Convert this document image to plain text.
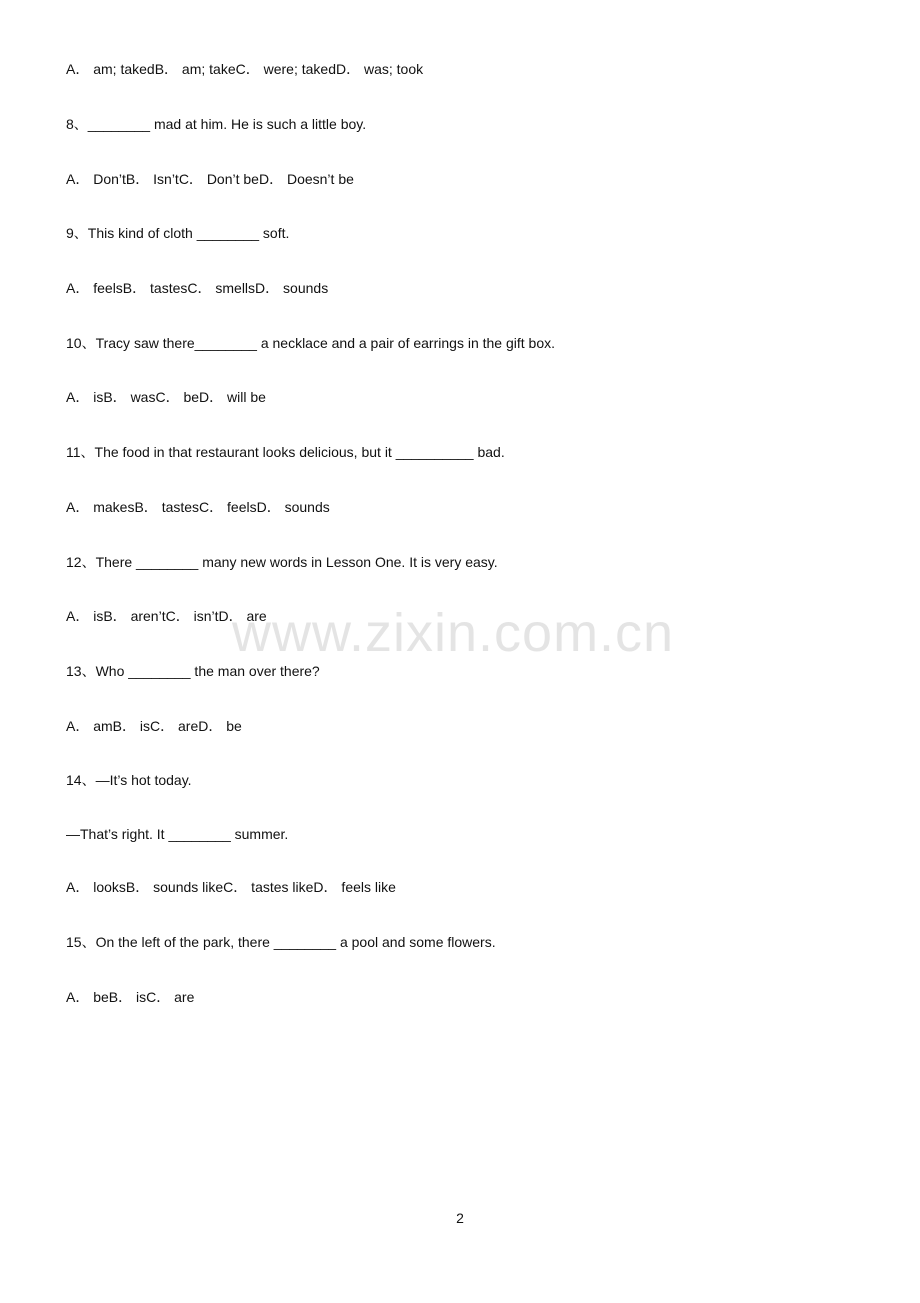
A． am; takedB． am; takeC． were; takedD． was; took
8、________ mad at him. He is such a little boy.
A． Don’tB． Isn’tC． Don’t beD． Doesn’t be
9、This kind of cloth ________ soft.
A． feelsB． tastesC． smellsD． sounds
10、Tracy saw there________ a necklace and a pair of earrings in the gift box.
A． isB． wasC． beD． will be
11、The food in that restaurant looks delicious, but it __________ bad.
A． makesB． tastesC． feelsD． sounds
12、There ________ many new words in Lesson One. It is very easy.
A． isB． aren’tC． isn’tD． are
13、Who ________ the man over there?
A． amB． isC． areD． be
14、—It’s hot today.
—That’s right. It ________ summer.
A． looksB． sounds likeC． tastes likeD． feels like
15、On the left of the park, there ________ a pool and some flowers.
A． beB． isC． are
www.zixin.com.cn
2
